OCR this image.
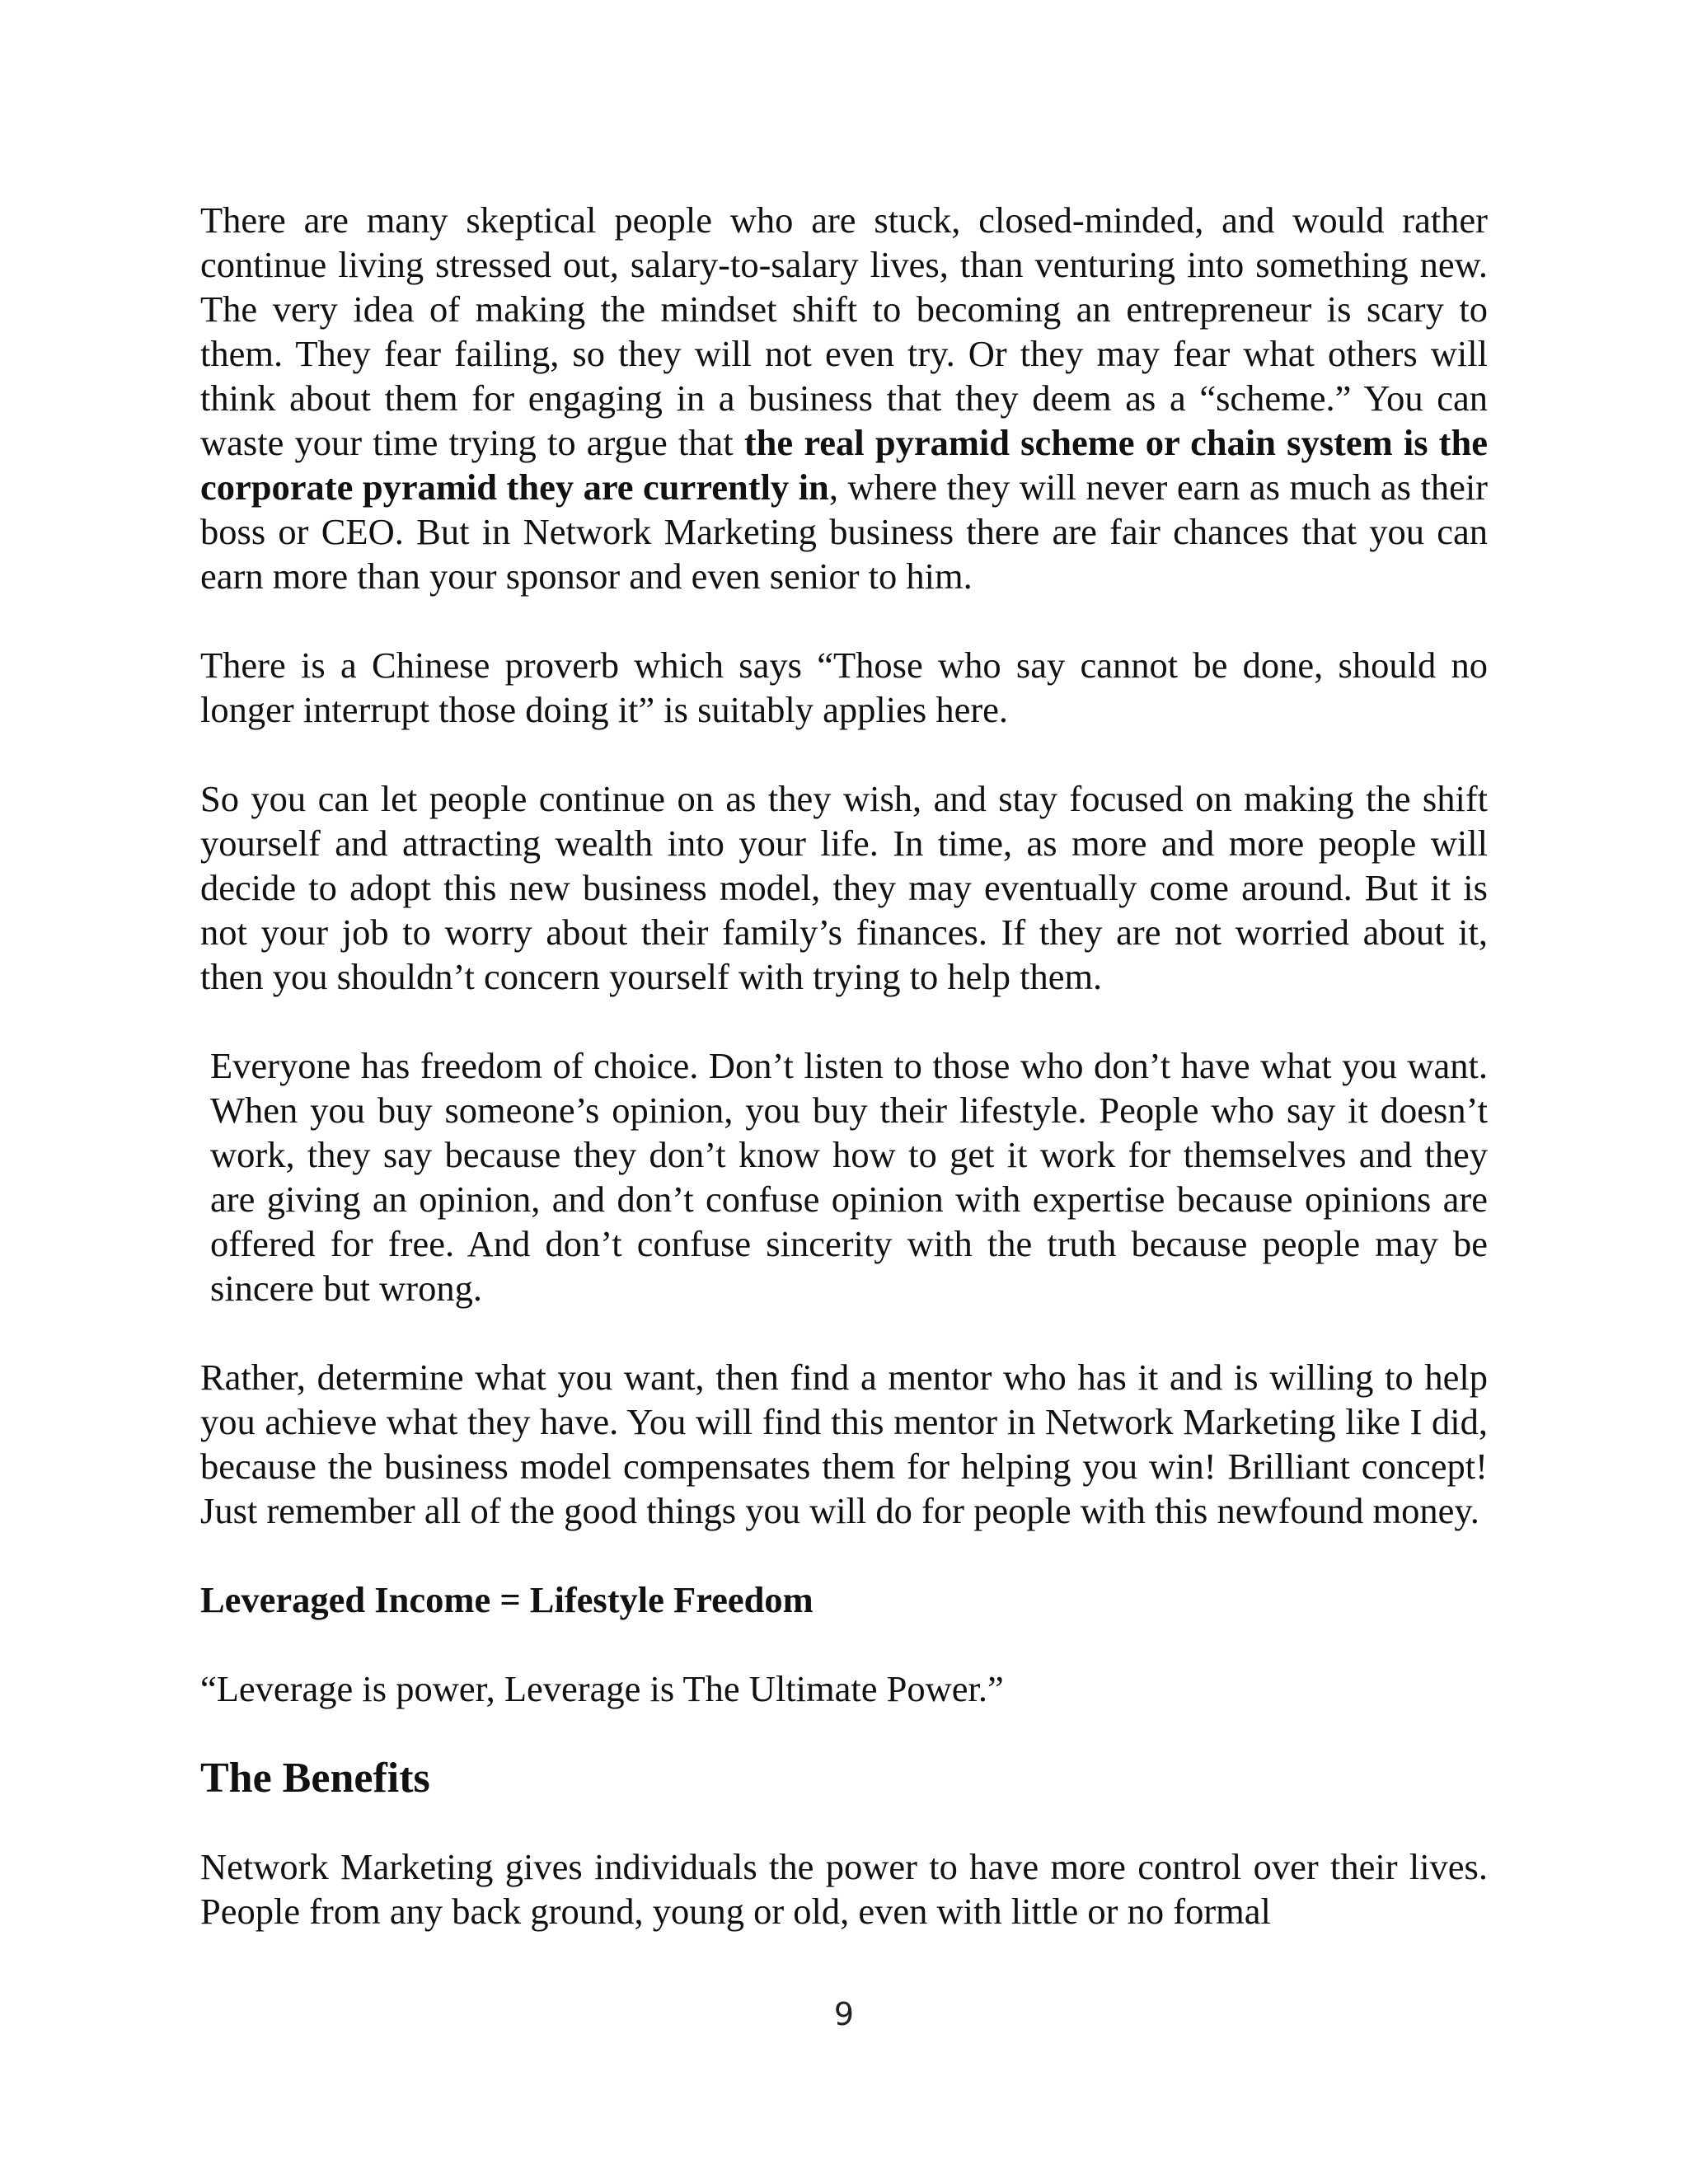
There are many skeptical people who are stuck, closed-minded, and would rather continue living stressed out, salary-to-salary lives, than venturing into something new. The very idea of making the mindset shift to becoming an entrepreneur is scary to them. They fear failing, so they will not even try. Or they may fear what others will think about them for engaging in a business that they deem as a “scheme.” You can waste your time trying to argue that the real pyramid scheme or chain system is the corporate pyramid they are currently in, where they will never earn as much as their boss or CEO. But in Network Marketing business there are fair chances that you can earn more than your sponsor and even senior to him.

There is a Chinese proverb which says “Those who say cannot be done, should no longer interrupt those doing it” is suitably applies here.

So you can let people continue on as they wish, and stay focused on making the shift yourself and attracting wealth into your life. In time, as more and more people will decide to adopt this new business model, they may eventually come around. But it is not your job to worry about their family’s finances. If they are not worried about it, then you shouldn’t concern yourself with trying to help them.

Everyone has freedom of choice. Don’t listen to those who don’t have what you want. When you buy someone’s opinion, you buy their lifestyle. People who say it doesn’t work, they say because they don’t know how to get it work for themselves and they are giving an opinion, and don’t confuse opinion with expertise because opinions are offered for free. And don’t confuse sincerity with the truth because people may be sincere but wrong.

Rather, determine what you want, then find a mentor who has it and is willing to help you achieve what they have. You will find this mentor in Network Marketing like I did, because the business model compensates them for helping you win! Brilliant concept! Just remember all of the good things you will do for people with this newfound money.

Leveraged Income = Lifestyle Freedom

“Leverage is power, Leverage is The Ultimate Power.”

The Benefits

Network Marketing gives individuals the power to have more control over their lives. People from any back ground, young or old, even with little or no formal

9
